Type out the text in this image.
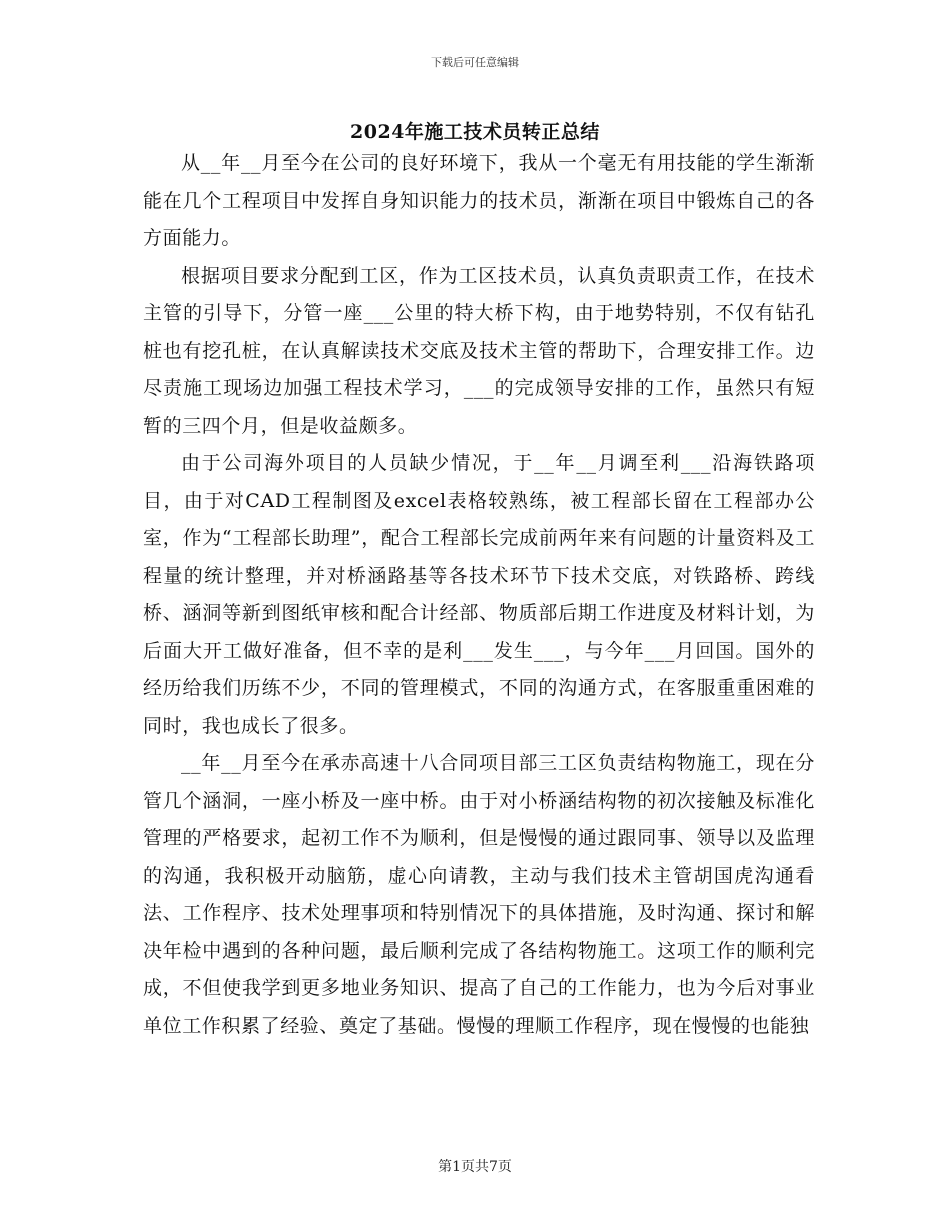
下载后可任意编辑
2024年施工技术员转正总结

从__年__月至今在公司的良好环境下，我从一个毫无有用技能的学生渐渐能在几个工程项目中发挥自身知识能力的技术员，渐渐在项目中锻炼自己的各方面能力。

根据项目要求分配到工区，作为工区技术员，认真负责职责工作，在技术主管的引导下，分管一座___公里的特大桥下构，由于地势特别，不仅有钻孔桩也有挖孔桩，在认真解读技术交底及技术主管的帮助下，合理安排工作。边尽责施工现场边加强工程技术学习，___的完成领导安排的工作，虽然只有短暂的三四个月，但是收益颇多。

由于公司海外项目的人员缺少情况，于__年__月调至利___沿海铁路项目，由于对CAD工程制图及excel表格较熟练，被工程部长留在工程部办公室，作为“工程部长助理”，配合工程部长完成前两年来有问题的计量资料及工程量的统计整理，并对桥涵路基等各技术环节下技术交底，对铁路桥、跨线桥、涵洞等新到图纸审核和配合计经部、物质部后期工作进度及材料计划，为后面大开工做好准备，但不幸的是利___发生___，与今年___月回国。国外的经历给我们历练不少，不同的管理模式，不同的沟通方式，在客服重重困难的同时，我也成长了很多。

__年__月至今在承赤高速十八合同项目部三工区负责结构物施工，现在分管几个涵洞，一座小桥及一座中桥。由于对小桥涵结构物的初次接触及标准化管理的严格要求，起初工作不为顺利，但是慢慢的通过跟同事、领导以及监理的沟通，我积极开动脑筋，虚心向请教，主动与我们技术主管胡国虎沟通看法、工作程序、技术处理事项和特别情况下的具体措施，及时沟通、探讨和解决年检中遇到的各种问题，最后顺利完成了各结构物施工。这项工作的顺利完成，不但使我学到更多地业务知识、提高了自己的工作能力，也为今后对事业单位工作积累了经验、奠定了基础。慢慢的理顺工作程序，现在慢慢的也能独

第1页共7页
